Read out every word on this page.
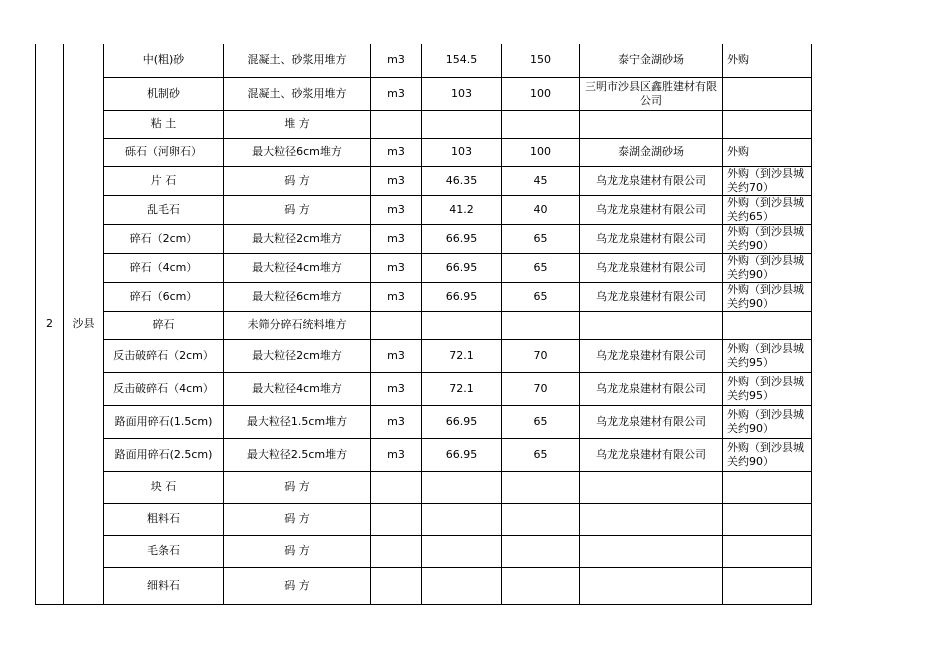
2	沙县	中(粗)砂	混凝土、砂浆用堆方	m3	154.5	150	泰宁金湖砂场	外购
		机制砂	混凝土、砂浆用堆方	m3	103	100	三明市沙县区鑫胜建材有限公司	
		粘 土	堆 方					
		砾石（河卵石）	最大粒径6cm堆方	m3	103	100	泰湖金湖砂场	外购
		片 石	码 方	m3	46.35	45	乌龙龙泉建材有限公司	外购（到沙县城关约70）
		乱毛石	码 方	m3	41.2	40	乌龙龙泉建材有限公司	外购（到沙县城关约65）
		碎石（2cm）	最大粒径2cm堆方	m3	66.95	65	乌龙龙泉建材有限公司	外购（到沙县城关约90）
		碎石（4cm）	最大粒径4cm堆方	m3	66.95	65	乌龙龙泉建材有限公司	外购（到沙县城关约90）
		碎石（6cm）	最大粒径6cm堆方	m3	66.95	65	乌龙龙泉建材有限公司	外购（到沙县城关约90）
		碎石	未筛分碎石统料堆方					
		反击破碎石（2cm）	最大粒径2cm堆方	m3	72.1	70	乌龙龙泉建材有限公司	外购（到沙县城关约95）
		反击破碎石（4cm）	最大粒径4cm堆方	m3	72.1	70	乌龙龙泉建材有限公司	外购（到沙县城关约95）
		路面用碎石(1.5cm)	最大粒径1.5cm堆方	m3	66.95	65	乌龙龙泉建材有限公司	外购（到沙县城关约90）
		路面用碎石(2.5cm)	最大粒径2.5cm堆方	m3	66.95	65	乌龙龙泉建材有限公司	外购（到沙县城关约90）
		块 石	码 方					
		粗料石	码 方					
		毛条石	码 方					
		细料石	码 方					
